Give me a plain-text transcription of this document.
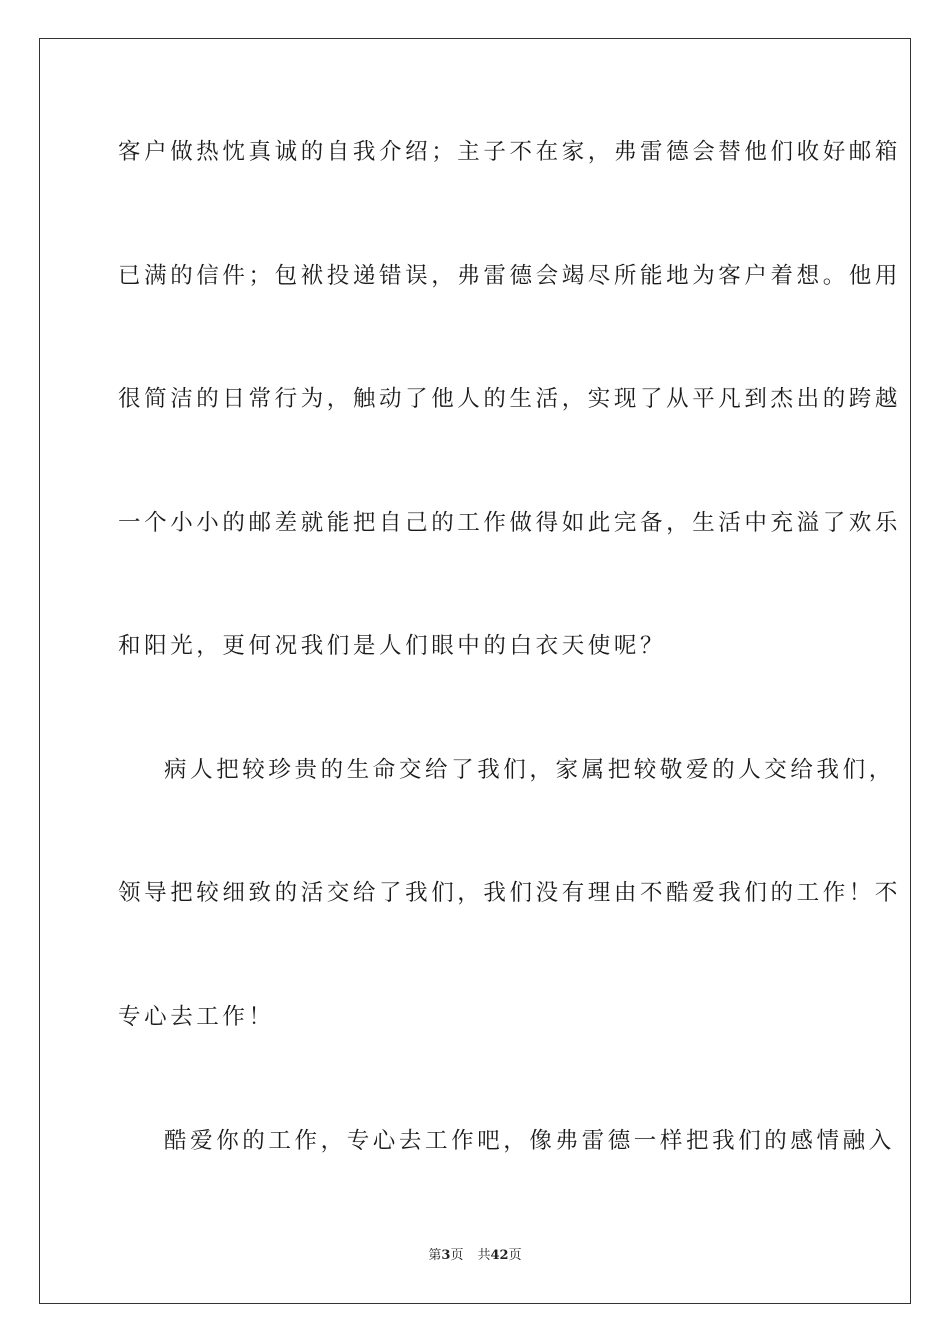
客户做热忱真诚的自我介绍；主子不在家，弗雷德会替他们收好邮箱
已满的信件；包袱投递错误，弗雷德会竭尽所能地为客户着想。他用
很简洁的日常行为，触动了他人的生活，实现了从平凡到杰出的跨越
一个小小的邮差就能把自己的工作做得如此完备，生活中充溢了欢乐
和阳光，更何况我们是人们眼中的白衣天使呢？
病人把较珍贵的生命交给了我们，家属把较敬爱的人交给我们，
领导把较细致的活交给了我们，我们没有理由不酷爱我们的工作！不
专心去工作！
酷爱你的工作，专心去工作吧，像弗雷德一样把我们的感情融入
第3页 共42页
